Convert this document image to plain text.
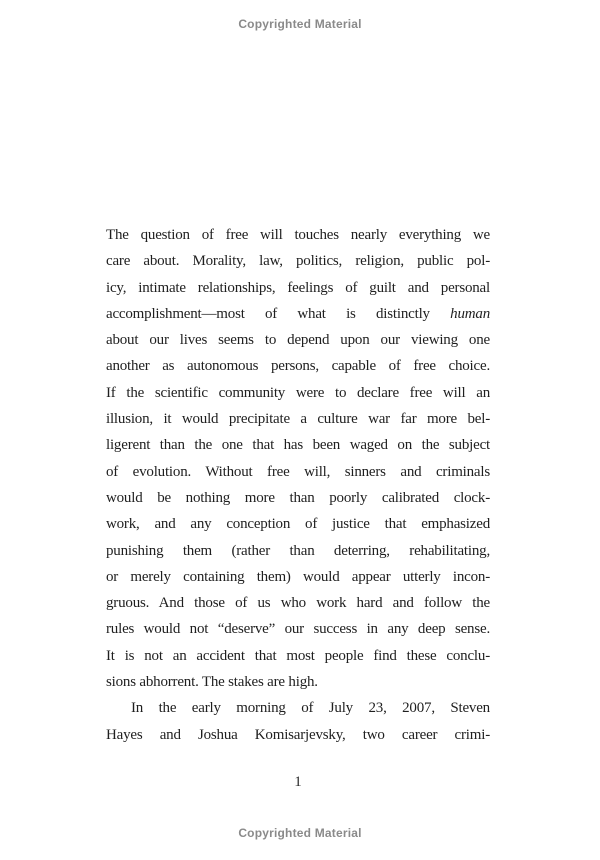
Copyrighted Material
The question of free will touches nearly everything we
care about. Morality, law, politics, religion, public pol-
icy, intimate relationships, feelings of guilt and personal
accomplishment—most of what is distinctly human
about our lives seems to depend upon our viewing one
another as autonomous persons, capable of free choice.
If the scientific community were to declare free will an
illusion, it would precipitate a culture war far more bel-
ligerent than the one that has been waged on the subject
of evolution. Without free will, sinners and criminals
would be nothing more than poorly calibrated clock-
work, and any conception of justice that emphasized
punishing them (rather than deterring, rehabilitating,
or merely containing them) would appear utterly incon-
gruous. And those of us who work hard and follow the
rules would not “deserve” our success in any deep sense.
It is not an accident that most people find these conclu-
sions abhorrent. The stakes are high.
In the early morning of July 23, 2007, Steven
Hayes and Joshua Komisarjevsky, two career crimi-
1
Copyrighted Material
